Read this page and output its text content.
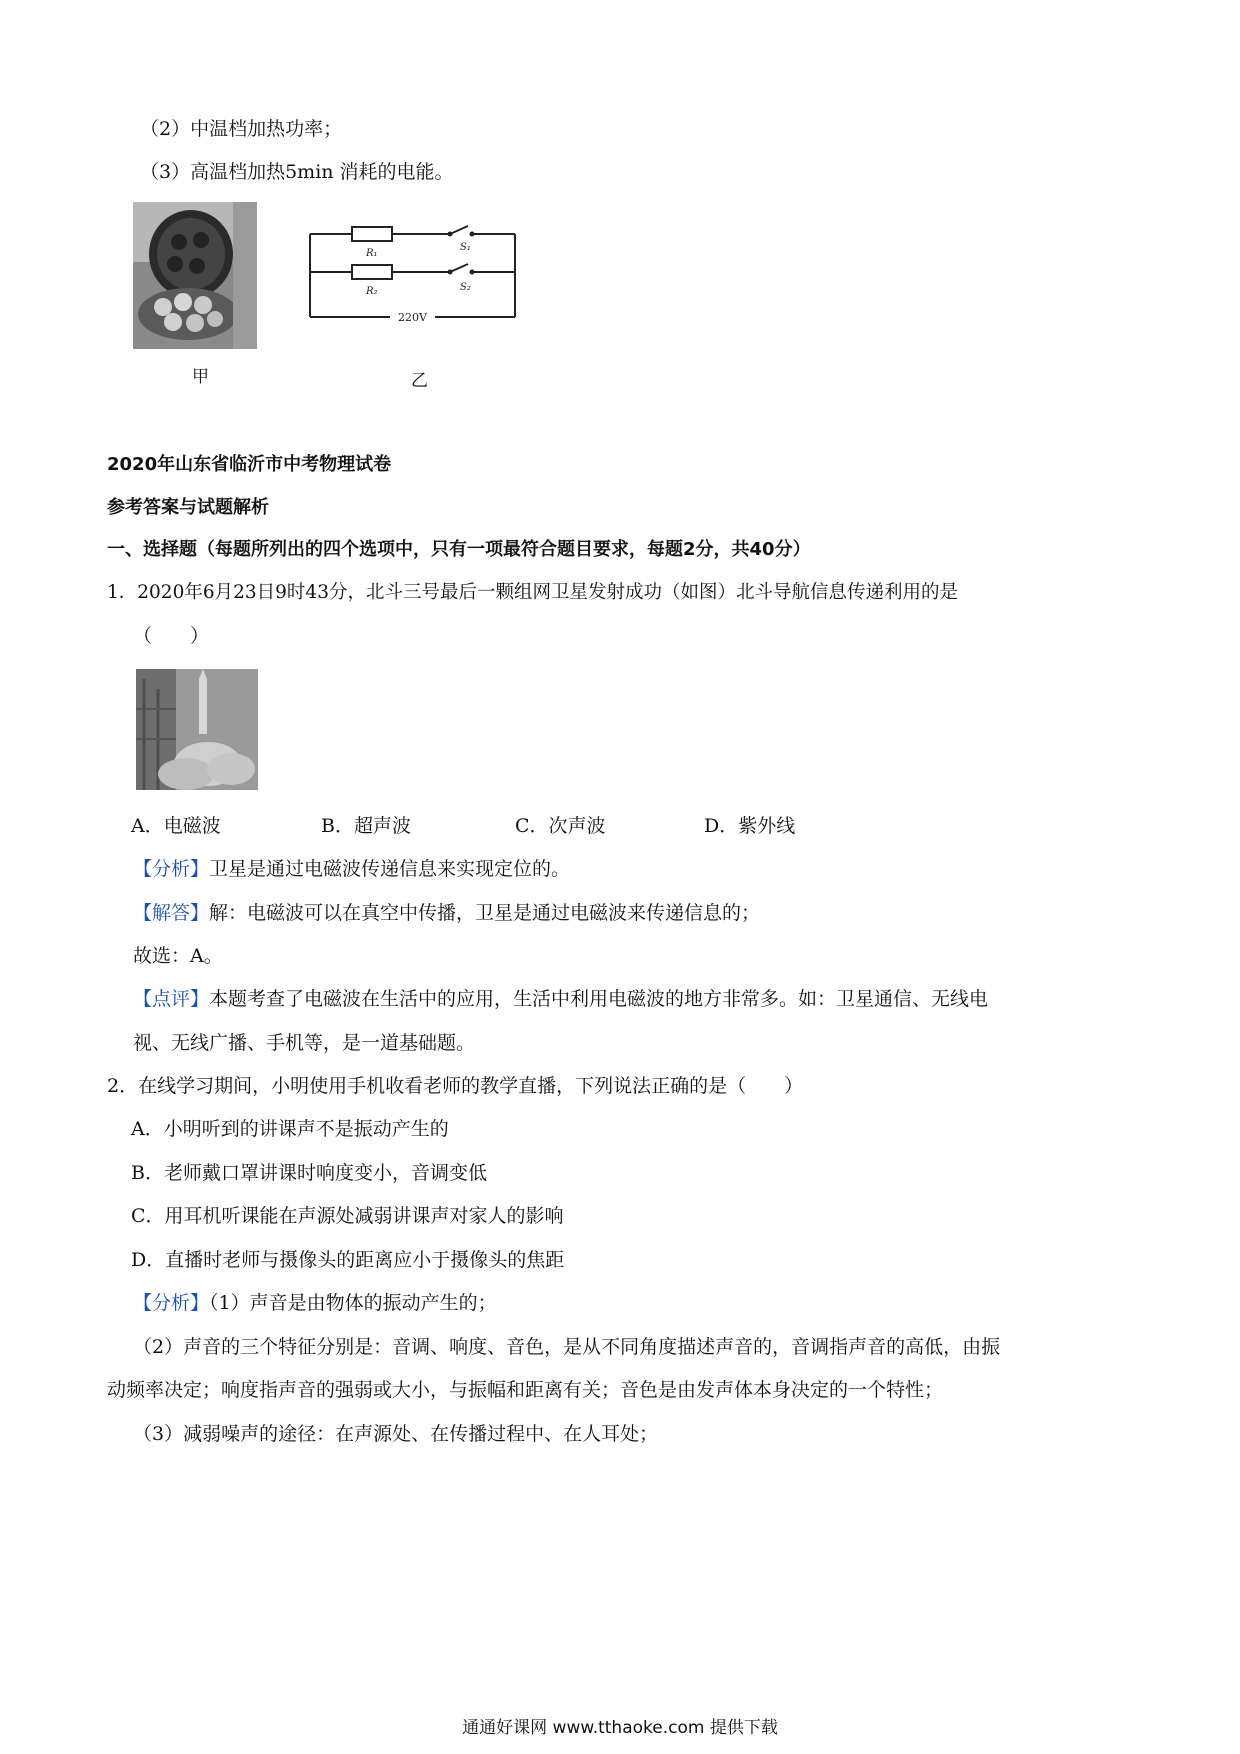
（2）中温档加热功率；
（3）高温档加热5min 消耗的电能。
甲
R₁
R₂
S₁
S₂
220V
乙
2020年山东省临沂市中考物理试卷
参考答案与试题解析
一、选择题（每题所列出的四个选项中，只有一项最符合题目要求，每题2分，共40分）
1．2020年6月23日9时43分，北斗三号最后一颗组网卫星发射成功（如图）北斗导航信息传递利用的是
（　　）
A．电磁波	B．超声波	C．次声波	D．紫外线
【分析】卫星是通过电磁波传递信息来实现定位的。
【解答】解：电磁波可以在真空中传播，卫星是通过电磁波来传递信息的；
故选：A。
【点评】本题考查了电磁波在生活中的应用，生活中利用电磁波的地方非常多。如：卫星通信、无线电
视、无线广播、手机等，是一道基础题。
2．在线学习期间，小明使用手机收看老师的教学直播，下列说法正确的是（　　）
A．小明听到的讲课声不是振动产生的
B．老师戴口罩讲课时响度变小，音调变低
C．用耳机听课能在声源处减弱讲课声对家人的影响
D．直播时老师与摄像头的距离应小于摄像头的焦距
【分析】（1）声音是由物体的振动产生的；
（2）声音的三个特征分别是：音调、响度、音色，是从不同角度描述声音的，音调指声音的高低，由振
动频率决定；响度指声音的强弱或大小，与振幅和距离有关；音色是由发声体本身决定的一个特性；
（3）减弱噪声的途径：在声源处、在传播过程中、在人耳处；
通通好课网 www.tthaoke.com 提供下载
